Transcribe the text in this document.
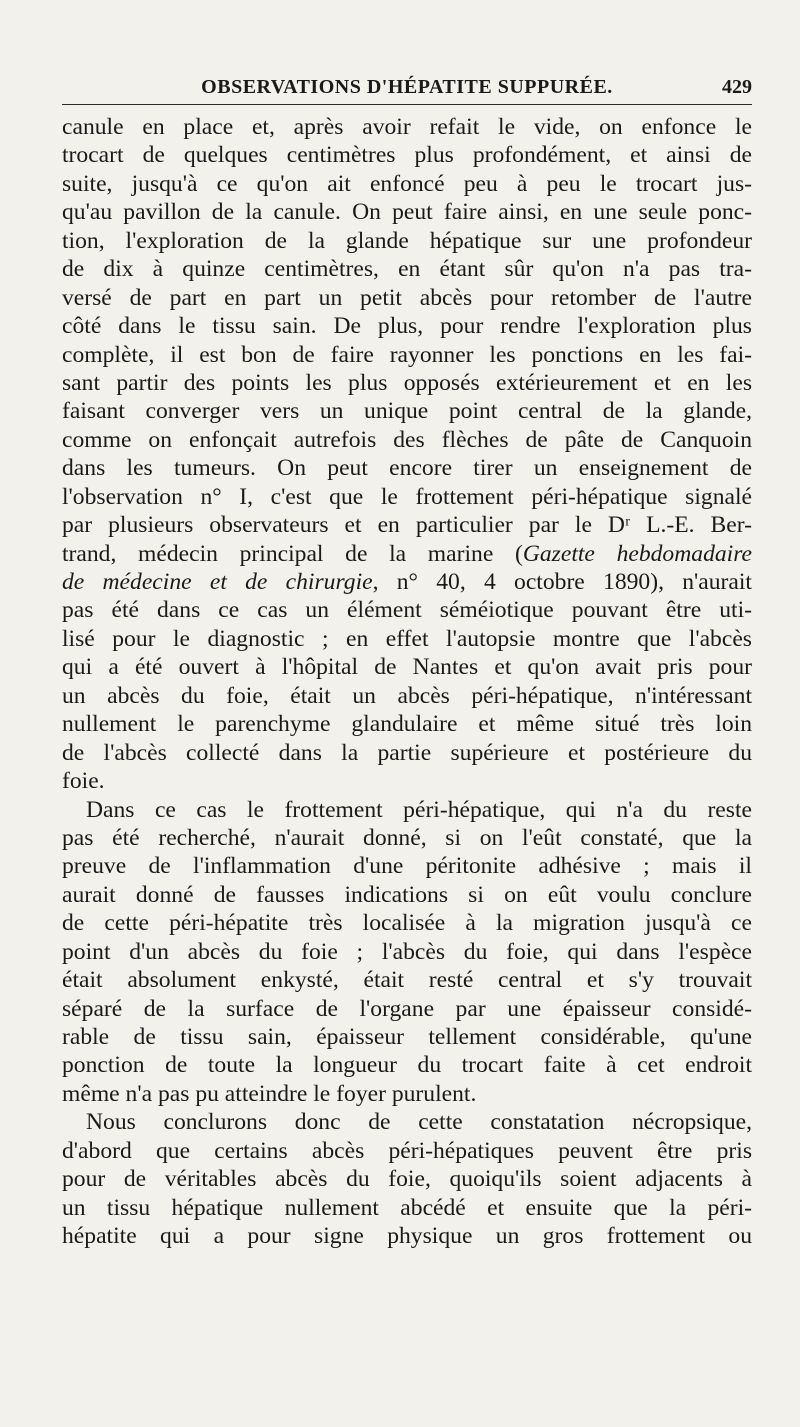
OBSERVATIONS D'HÉPATITE SUPPURÉE.	429
canule en place et, après avoir refait le vide, on enfonce le
trocart de quelques centimètres plus profondément, et ainsi de
suite, jusqu'à ce qu'on ait enfoncé peu à peu le trocart jus-
qu'au pavillon de la canule. On peut faire ainsi, en une seule ponc-
tion, l'exploration de la glande hépatique sur une profondeur
de dix à quinze centimètres, en étant sûr qu'on n'a pas tra-
versé de part en part un petit abcès pour retomber de l'autre
côté dans le tissu sain. De plus, pour rendre l'exploration plus
complète, il est bon de faire rayonner les ponctions en les fai-
sant partir des points les plus opposés extérieurement et en les
faisant converger vers un unique point central de la glande,
comme on enfonçait autrefois des flèches de pâte de Canquoin
dans les tumeurs. On peut encore tirer un enseignement de
l'observation n° I, c'est que le frottement péri-hépatique signalé
par plusieurs observateurs et en particulier par le Dʳ L.-E. Ber-
trand, médecin principal de la marine (Gazette hebdomadaire
de médecine et de chirurgie, n° 40, 4 octobre 1890), n'aurait
pas été dans ce cas un élément séméiotique pouvant être uti-
lisé pour le diagnostic ; en effet l'autopsie montre que l'abcès
qui a été ouvert à l'hôpital de Nantes et qu'on avait pris pour
un abcès du foie, était un abcès péri-hépatique, n'intéressant
nullement le parenchyme glandulaire et même situé très loin
de l'abcès collecté dans la partie supérieure et postérieure du
foie.
Dans ce cas le frottement péri-hépatique, qui n'a du reste
pas été recherché, n'aurait donné, si on l'eût constaté, que la
preuve de l'inflammation d'une péritonite adhésive ; mais il
aurait donné de fausses indications si on eût voulu conclure
de cette péri-hépatite très localisée à la migration jusqu'à ce
point d'un abcès du foie ; l'abcès du foie, qui dans l'espèce
était absolument enkysté, était resté central et s'y trouvait
séparé de la surface de l'organe par une épaisseur considé-
rable de tissu sain, épaisseur tellement considérable, qu'une
ponction de toute la longueur du trocart faite à cet endroit
même n'a pas pu atteindre le foyer purulent.
Nous conclurons donc de cette constatation nécropsique,
d'abord que certains abcès péri-hépatiques peuvent être pris
pour de véritables abcès du foie, quoiqu'ils soient adjacents à
un tissu hépatique nullement abcédé et ensuite que la péri-
hépatite qui a pour signe physique un gros frottement ou
